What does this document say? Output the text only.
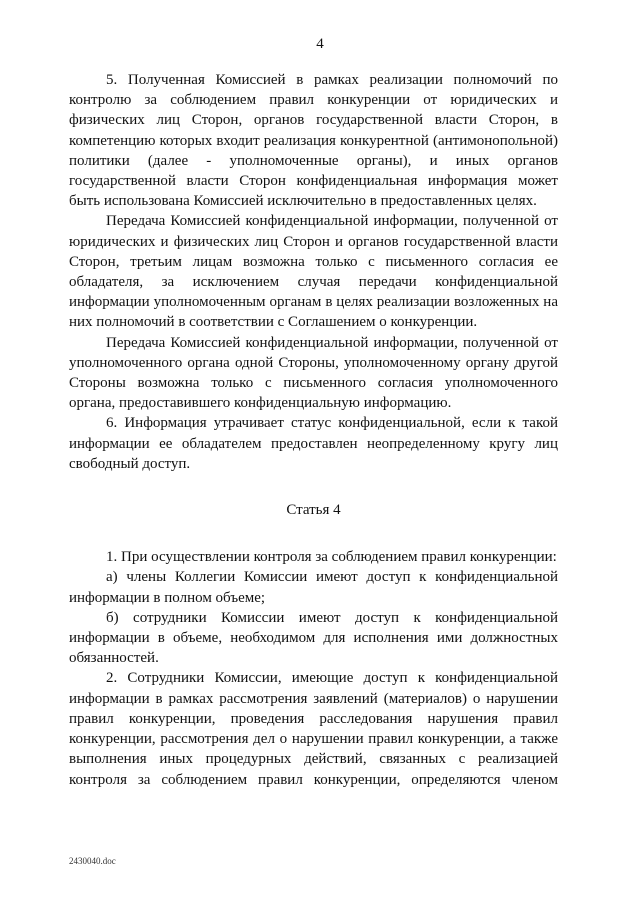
4

5. Полученная Комиссией в рамках реализации полномочий по контролю за соблюдением правил конкуренции от юридических и физических лиц Сторон, органов государственной власти Сторон, в компетенцию которых входит реализация конкурентной (антимонопольной) политики (далее - уполномоченные органы), и иных органов государственной власти Сторон конфиденциальная информация может быть использована Комиссией исключительно в предоставленных целях.

Передача Комиссией конфиденциальной информации, полученной от юридических и физических лиц Сторон и органов государственной власти Сторон, третьим лицам возможна только с письменного согласия ее обладателя, за исключением случая передачи конфиденциальной информации уполномоченным органам в целях реализации возложенных на них полномочий в соответствии с Соглашением о конкуренции.

Передача Комиссией конфиденциальной информации, полученной от уполномоченного органа одной Стороны, уполномоченному органу другой Стороны возможна только с письменного согласия уполномоченного органа, предоставившего конфиденциальную информацию.

6. Информация утрачивает статус конфиденциальной, если к такой информации ее обладателем предоставлен неопределенному кругу лиц свободный доступ.

Статья 4

1. При осуществлении контроля за соблюдением правил конкуренции:

а) члены Коллегии Комиссии имеют доступ к конфиденциальной информации в полном объеме;

б) сотрудники Комиссии имеют доступ к конфиденциальной информации в объеме, необходимом для исполнения ими должностных обязанностей.

2. Сотрудники Комиссии, имеющие доступ к конфиденциальной информации в рамках рассмотрения заявлений (материалов) о нарушении правил конкуренции, проведения расследования нарушения правил конкуренции, рассмотрения дел о нарушении правил конкуренции, а также выполнения иных процедурных действий, связанных с реализацией контроля за соблюдением правил конкуренции, определяются членом

2430040.doc
